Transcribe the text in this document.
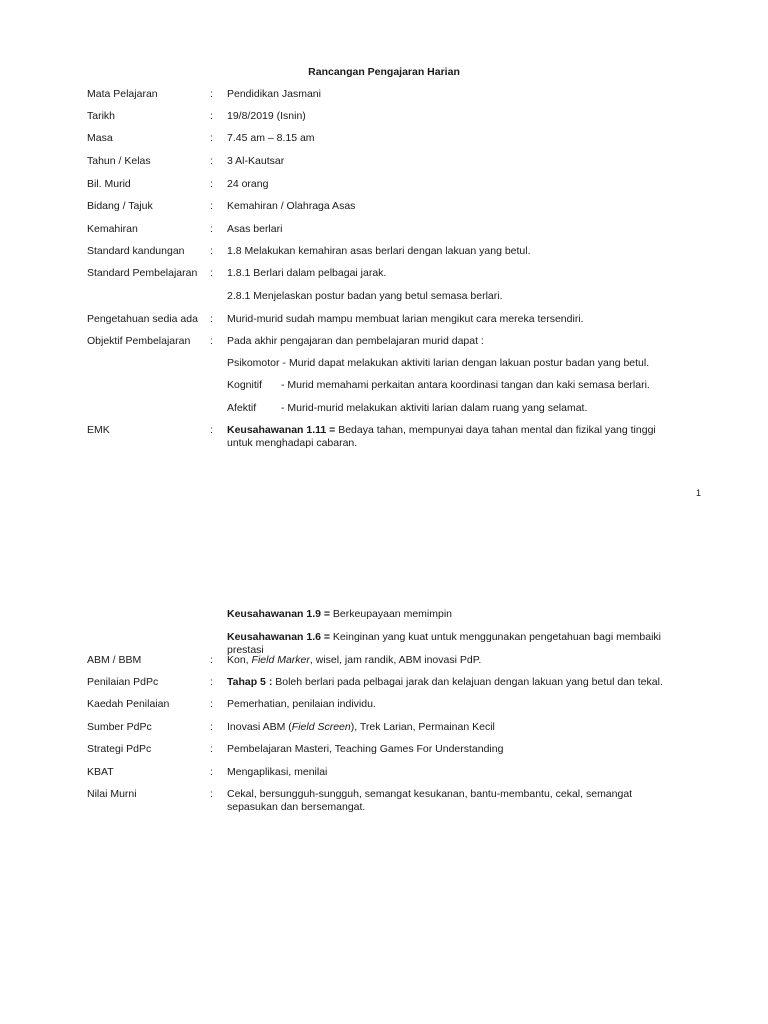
Rancangan Pengajaran Harian
Mata Pelajaran	: Pendidikan Jasmani
Tarikh	: 19/8/2019 (Isnin)
Masa	: 7.45 am – 8.15 am
Tahun / Kelas	: 3 Al-Kautsar
Bil. Murid	: 24 orang
Bidang / Tajuk	: Kemahiran / Olahraga Asas
Kemahiran	: Asas berlari
Standard kandungan : 1.8 Melakukan kemahiran asas berlari dengan lakuan yang betul.
Standard Pembelajaran : 1.8.1 Berlari dalam pelbagai jarak.
2.8.1 Menjelaskan postur badan yang betul semasa berlari.
Pengetahuan sedia ada : Murid-murid sudah mampu membuat larian mengikut cara mereka tersendiri.
Objektif Pembelajaran : Pada akhir pengajaran dan pembelajaran murid dapat :
Psikomotor - Murid dapat melakukan aktiviti larian dengan lakuan postur badan yang betul.
Kognitif - Murid memahami perkaitan antara koordinasi tangan dan kaki semasa berlari.
Afektif - Murid-murid melakukan aktiviti larian dalam ruang yang selamat.
EMK	: Keusahawanan 1.11 = Bedaya tahan, mempunyai daya tahan mental dan fizikal yang tinggi untuk menghadapi cabaran.
1
Keusahawanan 1.9 = Berkeupayaan memimpin
Keusahawanan 1.6 = Keinginan yang kuat untuk menggunakan pengetahuan bagi membaiki prestasi
ABM / BBM	: Kon, Field Marker, wisel, jam randik, ABM inovasi PdP.
Penilaian PdPc	: Tahap 5 : Boleh berlari pada pelbagai jarak dan kelajuan dengan lakuan yang betul dan tekal.
Kaedah Penilaian	: Pemerhatian, penilaian individu.
Sumber PdPc	: Inovasi ABM (Field Screen), Trek Larian, Permainan Kecil
Strategi PdPc	: Pembelajaran Masteri, Teaching Games For Understanding
KBAT	: Mengaplikasi, menilai
Nilai Murni	: Cekal, bersungguh-sungguh, semangat kesukanan, bantu-membantu, cekal, semangat sepasukan dan bersemangat.
